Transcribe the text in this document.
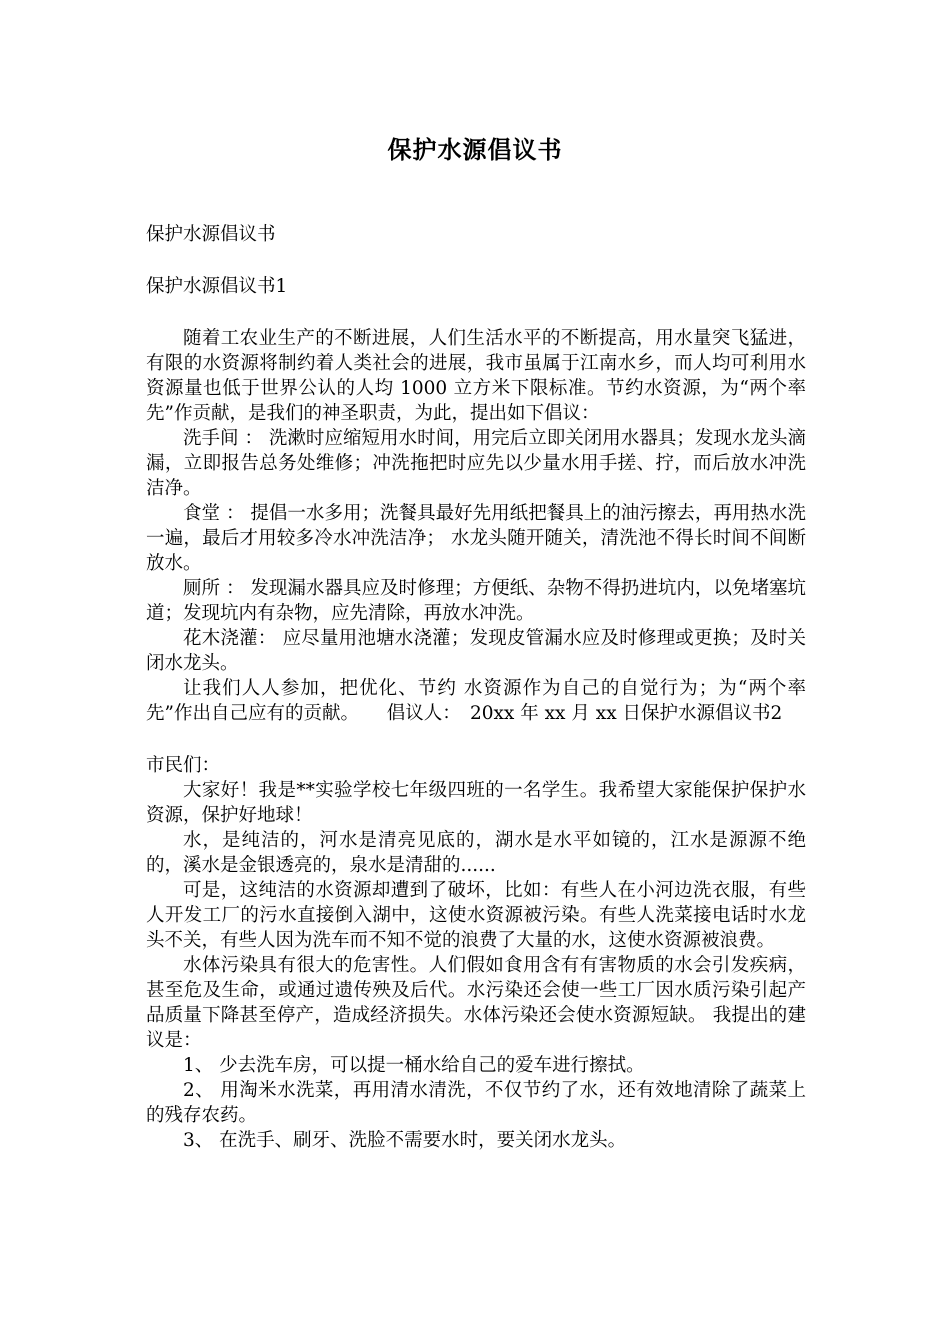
保护水源倡议书

保护水源倡议书

保护水源倡议书1

随着工农业生产的不断进展，人们生活水平的不断提高，用水量突飞猛进，有限的水资源将制约着人类社会的进展，我市虽属于江南水乡，而人均可利用水资源量也低于世界公认的人均 1000 立方米下限标准。节约水资源，为“两个率先”作贡献，是我们的神圣职责，为此，提出如下倡议：

洗手间 ： 洗漱时应缩短用水时间，用完后立即关闭用水器具；发现水龙头滴漏，立即报告总务处维修；冲洗拖把时应先以少量水用手搓、拧，而后放水冲洗洁净。

食堂 ： 提倡一水多用；洗餐具最好先用纸把餐具上的油污擦去，再用热水洗一遍，最后才用较多冷水冲洗洁净； 水龙头随开随关，清洗池不得长时间不间断放水。

厕所 ： 发现漏水器具应及时修理；方便纸、杂物不得扔进坑内，以免堵塞坑道；发现坑内有杂物，应先清除，再放水冲洗。

花木浇灌： 应尽量用池塘水浇灌；发现皮管漏水应及时修理或更换；及时关闭水龙头。

让我们人人参加，把优化、节约 水资源作为自己的自觉行为；为“两个率先”作出自己应有的贡献。　　倡议人：　20xx 年 xx 月 xx 日保护水源倡议书2

市民们：

大家好！我是**实验学校七年级四班的一名学生。我希望大家能保护保护水资源，保护好地球！

水，是纯洁的，河水是清亮见底的，湖水是水平如镜的，江水是源源不绝的，溪水是金银透亮的，泉水是清甜的......

可是，这纯洁的水资源却遭到了破坏，比如：有些人在小河边洗衣服，有些人开发工厂的污水直接倒入湖中，这使水资源被污染。有些人洗菜接电话时水龙头不关，有些人因为洗车而不知不觉的浪费了大量的水，这使水资源被浪费。

水体污染具有很大的危害性。人们假如食用含有有害物质的水会引发疾病，甚至危及生命，或通过遗传殃及后代。水污染还会使一些工厂因水质污染引起产品质量下降甚至停产，造成经济损失。水体污染还会使水资源短缺。 我提出的建议是：

1、 少去洗车房，可以提一桶水给自己的爱车进行擦拭。

2、 用淘米水洗菜，再用清水清洗，不仅节约了水，还有效地清除了蔬菜上的残存农药。

3、 在洗手、刷牙、洗脸不需要水时，要关闭水龙头。
